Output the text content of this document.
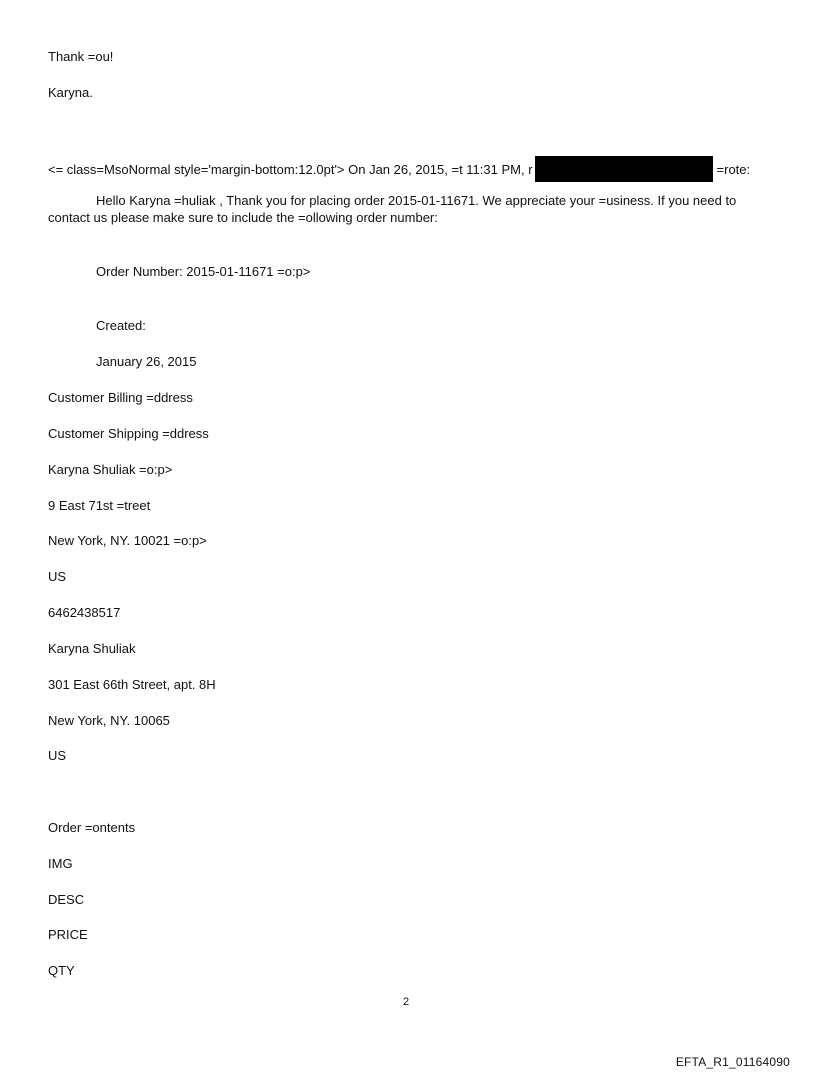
Thank =ou!
Karyna.
<= class=MsoNormal style='margin-bottom:12.0pt'> On Jan 26, 2015, =t 11:31 PM, r	=rote:
Hello Karyna =huliak , Thank you for placing order 2015-01-11671. We appreciate your =usiness. If you need to contact us please make sure to include the =ollowing order number:
Order Number: 2015-01-11671 =o:p>
Created:
January 26, 2015
Customer Billing =ddress
Customer Shipping =ddress
Karyna Shuliak =o:p>
9 East 71st =treet
New York, NY. 10021 =o:p>
US
6462438517
Karyna Shuliak
301 East 66th Street, apt. 8H
New York, NY. 10065
US
Order =ontents
IMG
DESC
PRICE
QTY
2
EFTA_R1_01164090
